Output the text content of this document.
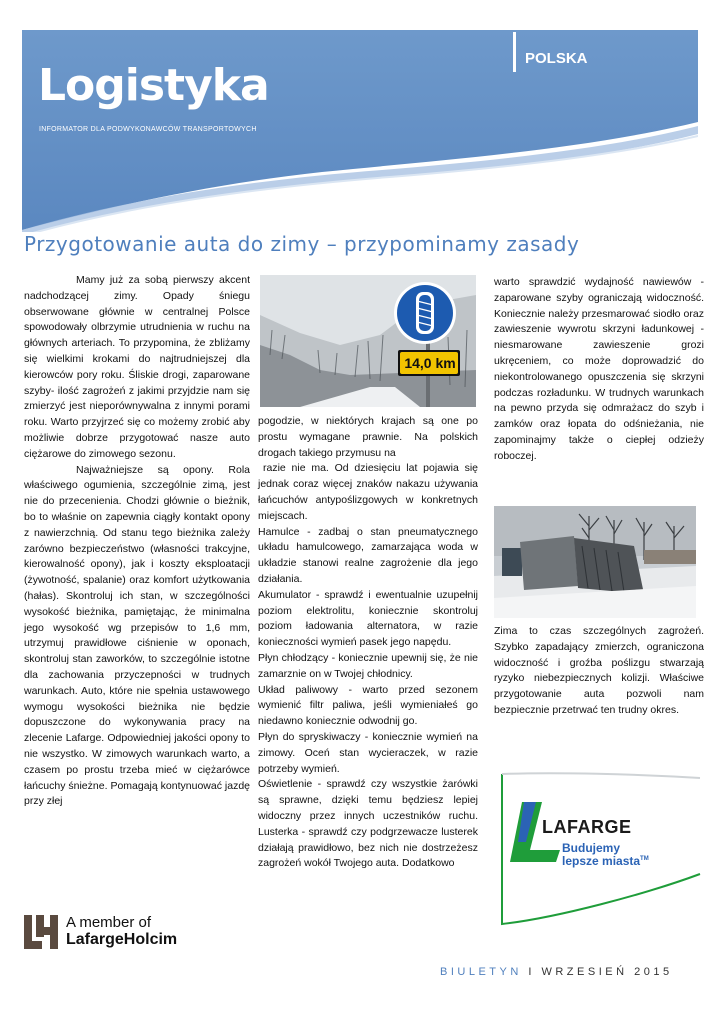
Logistyka
INFORMATOR DLA PODWYKONAWCÓW TRANSPORTOWYCH
POLSKA
Przygotowanie auta do zimy – przypominamy zasady

Mamy już za sobą pierwszy akcent nadchodzącej zimy. Opady śniegu obserwowane głównie w centralnej Polsce spowodowały olbrzymie utrudnienia w ruchu na głównych arteriach. To przypomina, że zbliżamy się wielkimi krokami do najtrudniejszej dla kierowców pory roku. Śliskie drogi, zaparowane szyby- ilość zagrożeń z jakimi przyjdzie nam się zmierzyć jest nieporównywalna z innymi porami roku. Warto przyjrzeć się co możemy zrobić aby możliwie dobrze przygotować nasze auto ciężarowe do zimowego sezonu.

Najważniejsze są opony. Rola właściwego ogumienia, szczególnie zimą, jest nie do przecenienia. Chodzi głównie o bieżnik, bo to właśnie on zapewnia ciągły kontakt opony z nawierzchnią. Od stanu tego bieżnika zależy zarówno bezpieczeństwo (własności trakcyjne, kierowalność opony), jak i koszty eksploatacji (żywotność, spalanie) oraz komfort użytkowania (hałas). Skontroluj ich stan, w szczególności wysokość bieżnika, pamiętając, że minimalna jego wysokość wg przepisów to 1,6 mm, utrzymuj prawidłowe ciśnienie w oponach, skontroluj stan zaworków, to szczególnie istotne dla zachowania przyczepności w trudnych warunkach. Auto, które nie spełnia ustawowego wymogu wysokości bieżnika nie będzie dopuszczone do wykonywania pracy na zlecenie Lafarge. Odpowiedniej jakości opony to nie wszystko. W zimowych warunkach warto, a czasem po prostu trzeba mieć w ciężarówce łańcuchy śnieżne. Pomagają kontynuować jazdę przy złej

14,0 km

pogodzie, w niektórych krajach są one po prostu wymagane prawnie. Na polskich drogach takiego przymusu na

razie nie ma. Od dziesięciu lat pojawia się jednak coraz więcej znaków nakazu używania łańcuchów antypoślizgowych w konkretnych miejscach.

Hamulce - zadbaj o stan pneumatycznego układu hamulcowego, zamarzająca woda w układzie stanowi realne zagrożenie dla jego działania.

Akumulator - sprawdź i ewentualnie uzupełnij poziom elektrolitu, koniecznie skontroluj poziom ładowania alternatora, w razie konieczności wymień pasek jego napędu.

Płyn chłodzący - koniecznie upewnij się, że nie zamarznie on w Twojej chłodnicy.

Układ paliwowy - warto przed sezonem wymienić filtr paliwa, jeśli wymieniałeś go niedawno koniecznie odwodnij go.

Płyn do spryskiwaczy - koniecznie wymień na zimowy. Oceń stan wycieraczek, w razie potrzeby wymień.

Oświetlenie - sprawdź czy wszystkie żarówki są sprawne, dzięki temu będziesz lepiej widoczny przez innych uczestników ruchu. Lusterka - sprawdź czy podgrzewacze lusterek działają prawidłowo, bez nich nie dostrzeżesz zagrożeń wokół Twojego auta. Dodatkowo

warto sprawdzić wydajność nawiewów - zaparowane szyby ograniczają widoczność. Koniecznie należy przesmarować siodło oraz zawieszenie wywrotu skrzyni ładunkowej - niesmarowane zawieszenie grozi ukręceniem, co może doprowadzić do niekontrolowanego opuszczenia się skrzyni podczas rozładunku. W trudnych warunkach na pewno przyda się odmrażacz do szyb i zamków oraz łopata do odśnieżania, nie zapominajmy także o ciepłej odzieży roboczej.

Zima to czas szczególnych zagrożeń. Szybko zapadający zmierzch, ograniczona widoczność i groźba poślizgu stwarzają ryzyko niebezpiecznych kolizji. Właściwe przygotowanie auta pozwoli nam bezpiecznie przetrwać ten trudny okres.

A member of
LafargeHolcim
LAFARGE
Budujemy
lepsze miasta™
BIULETYN I WRZESIEŃ 2015
